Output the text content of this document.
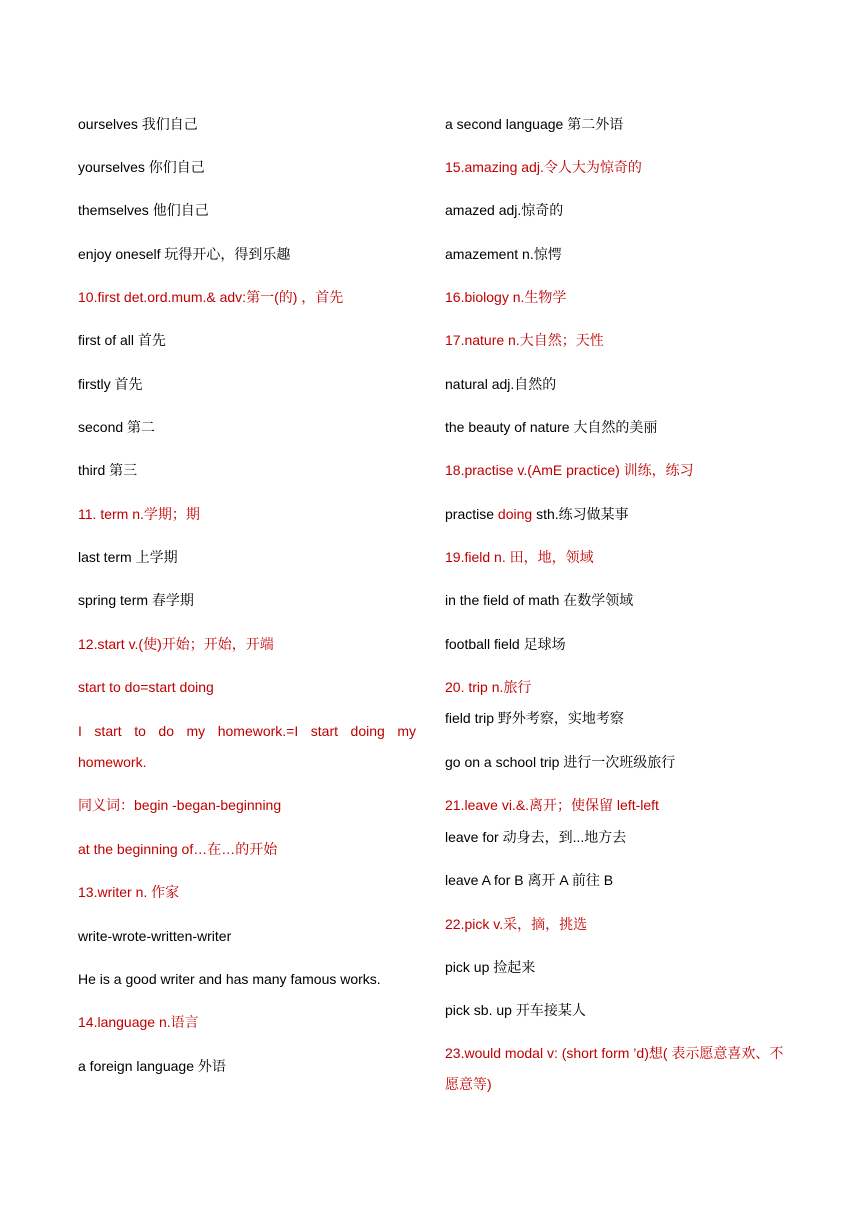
ourselves 我们自己
yourselves 你们自己
themselves 他们自己
enjoy oneself 玩得开心，得到乐趣
10.first det.ord.mum.& adv:第一(的) ，首先
first of all 首先
firstly 首先
second 第二
third 第三
11. term n.学期；期
last term 上学期
spring term 春学期
12.start v.(使)开始；开始，开端
start to do=start doing
I start to do my homework.=I start doing my
homework.
同义词：begin -began-beginning
at the beginning of…在…的开始
13.writer n. 作家
write-wrote-written-writer
He is a good writer and has many famous works.
14.language n.语言
a foreign language 外语
a second language 第二外语
15.amazing adj.令人大为惊奇的
amazed adj.惊奇的
amazement n.惊愕
16.biology n.生物学
17.nature n.大自然；天性
natural adj.自然的
the beauty of nature 大自然的美丽
18.practise v.(AmE practice) 训练，练习
practise doing sth.练习做某事
19.field n. 田，地，领域
in the field of math 在数学领域
football field 足球场
20. trip n.旅行
field trip 野外考察，实地考察
go on a school trip 进行一次班级旅行
21.leave vi.&.离开；使保留 left-left
leave for 动身去，到...地方去
leave A for B 离开 A 前往 B
22.pick v.采，摘，挑选
pick up 捡起来
pick sb. up 开车接某人
23.would modal v: (short form ’d)想( 表示愿意喜欢、不愿意等)
